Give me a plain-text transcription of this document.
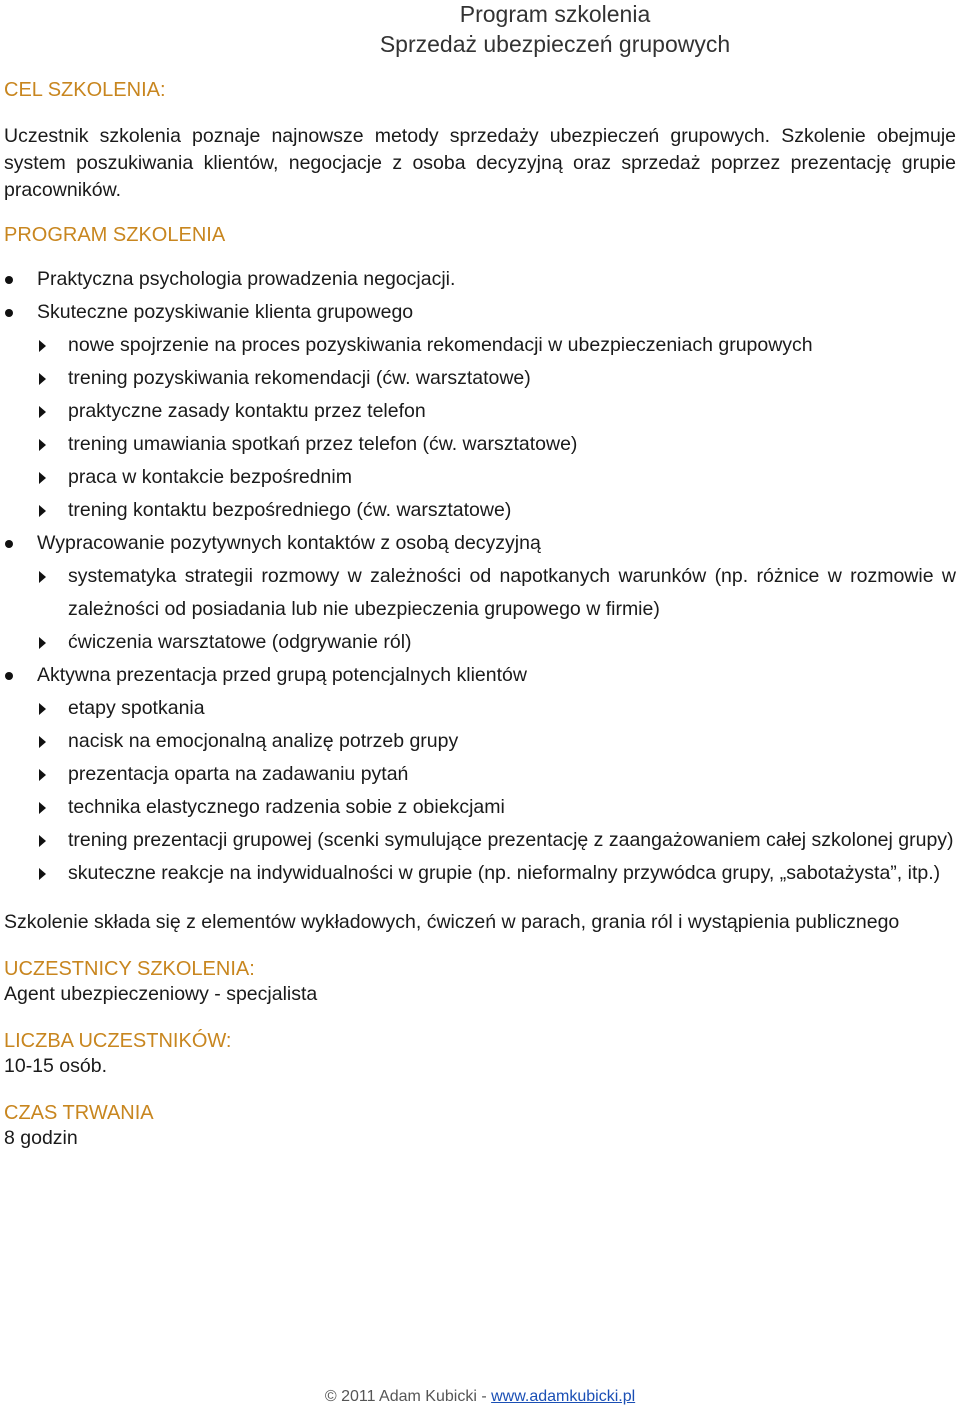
Program szkolenia
Sprzedaż ubezpieczeń grupowych
CEL SZKOLENIA:
Uczestnik szkolenia poznaje najnowsze metody sprzedaży ubezpieczeń grupowych. Szkolenie obejmuje system poszukiwania klientów, negocjacje z osoba decyzyjną oraz sprzedaż poprzez prezentację grupie pracowników.
PROGRAM SZKOLENIA
Praktyczna psychologia prowadzenia negocjacji.
Skuteczne pozyskiwanie klienta grupowego
nowe spojrzenie na proces pozyskiwania rekomendacji w ubezpieczeniach grupowych
trening pozyskiwania rekomendacji (ćw. warsztatowe)
praktyczne zasady kontaktu przez telefon
trening umawiania spotkań przez telefon (ćw. warsztatowe)
praca w kontakcie bezpośrednim
trening kontaktu bezpośredniego (ćw. warsztatowe)
Wypracowanie pozytywnych kontaktów z osobą decyzyjną
systematyka strategii rozmowy w zależności od napotkanych warunków (np. różnice w rozmowie w zależności od posiadania lub nie ubezpieczenia grupowego w firmie)
ćwiczenia warsztatowe (odgrywanie ról)
Aktywna prezentacja przed grupą potencjalnych klientów
etapy spotkania
nacisk na emocjonalną analizę potrzeb grupy
prezentacja oparta na zadawaniu pytań
technika elastycznego radzenia sobie z obiekcjami
trening prezentacji grupowej (scenki symulujące prezentację z zaangażowaniem całej szkolonej grupy)
skuteczne reakcje na indywidualności w grupie (np. nieformalny przywódca grupy, „sabotażysta”, itp.)
Szkolenie składa się z elementów wykładowych, ćwiczeń w parach, grania ról i wystąpienia publicznego
UCZESTNICY SZKOLENIA:
Agent ubezpieczeniowy - specjalista
LICZBA UCZESTNIKÓW:
10-15 osób.
CZAS TRWANIA
8 godzin
© 2011 Adam Kubicki - www.adamkubicki.pl
